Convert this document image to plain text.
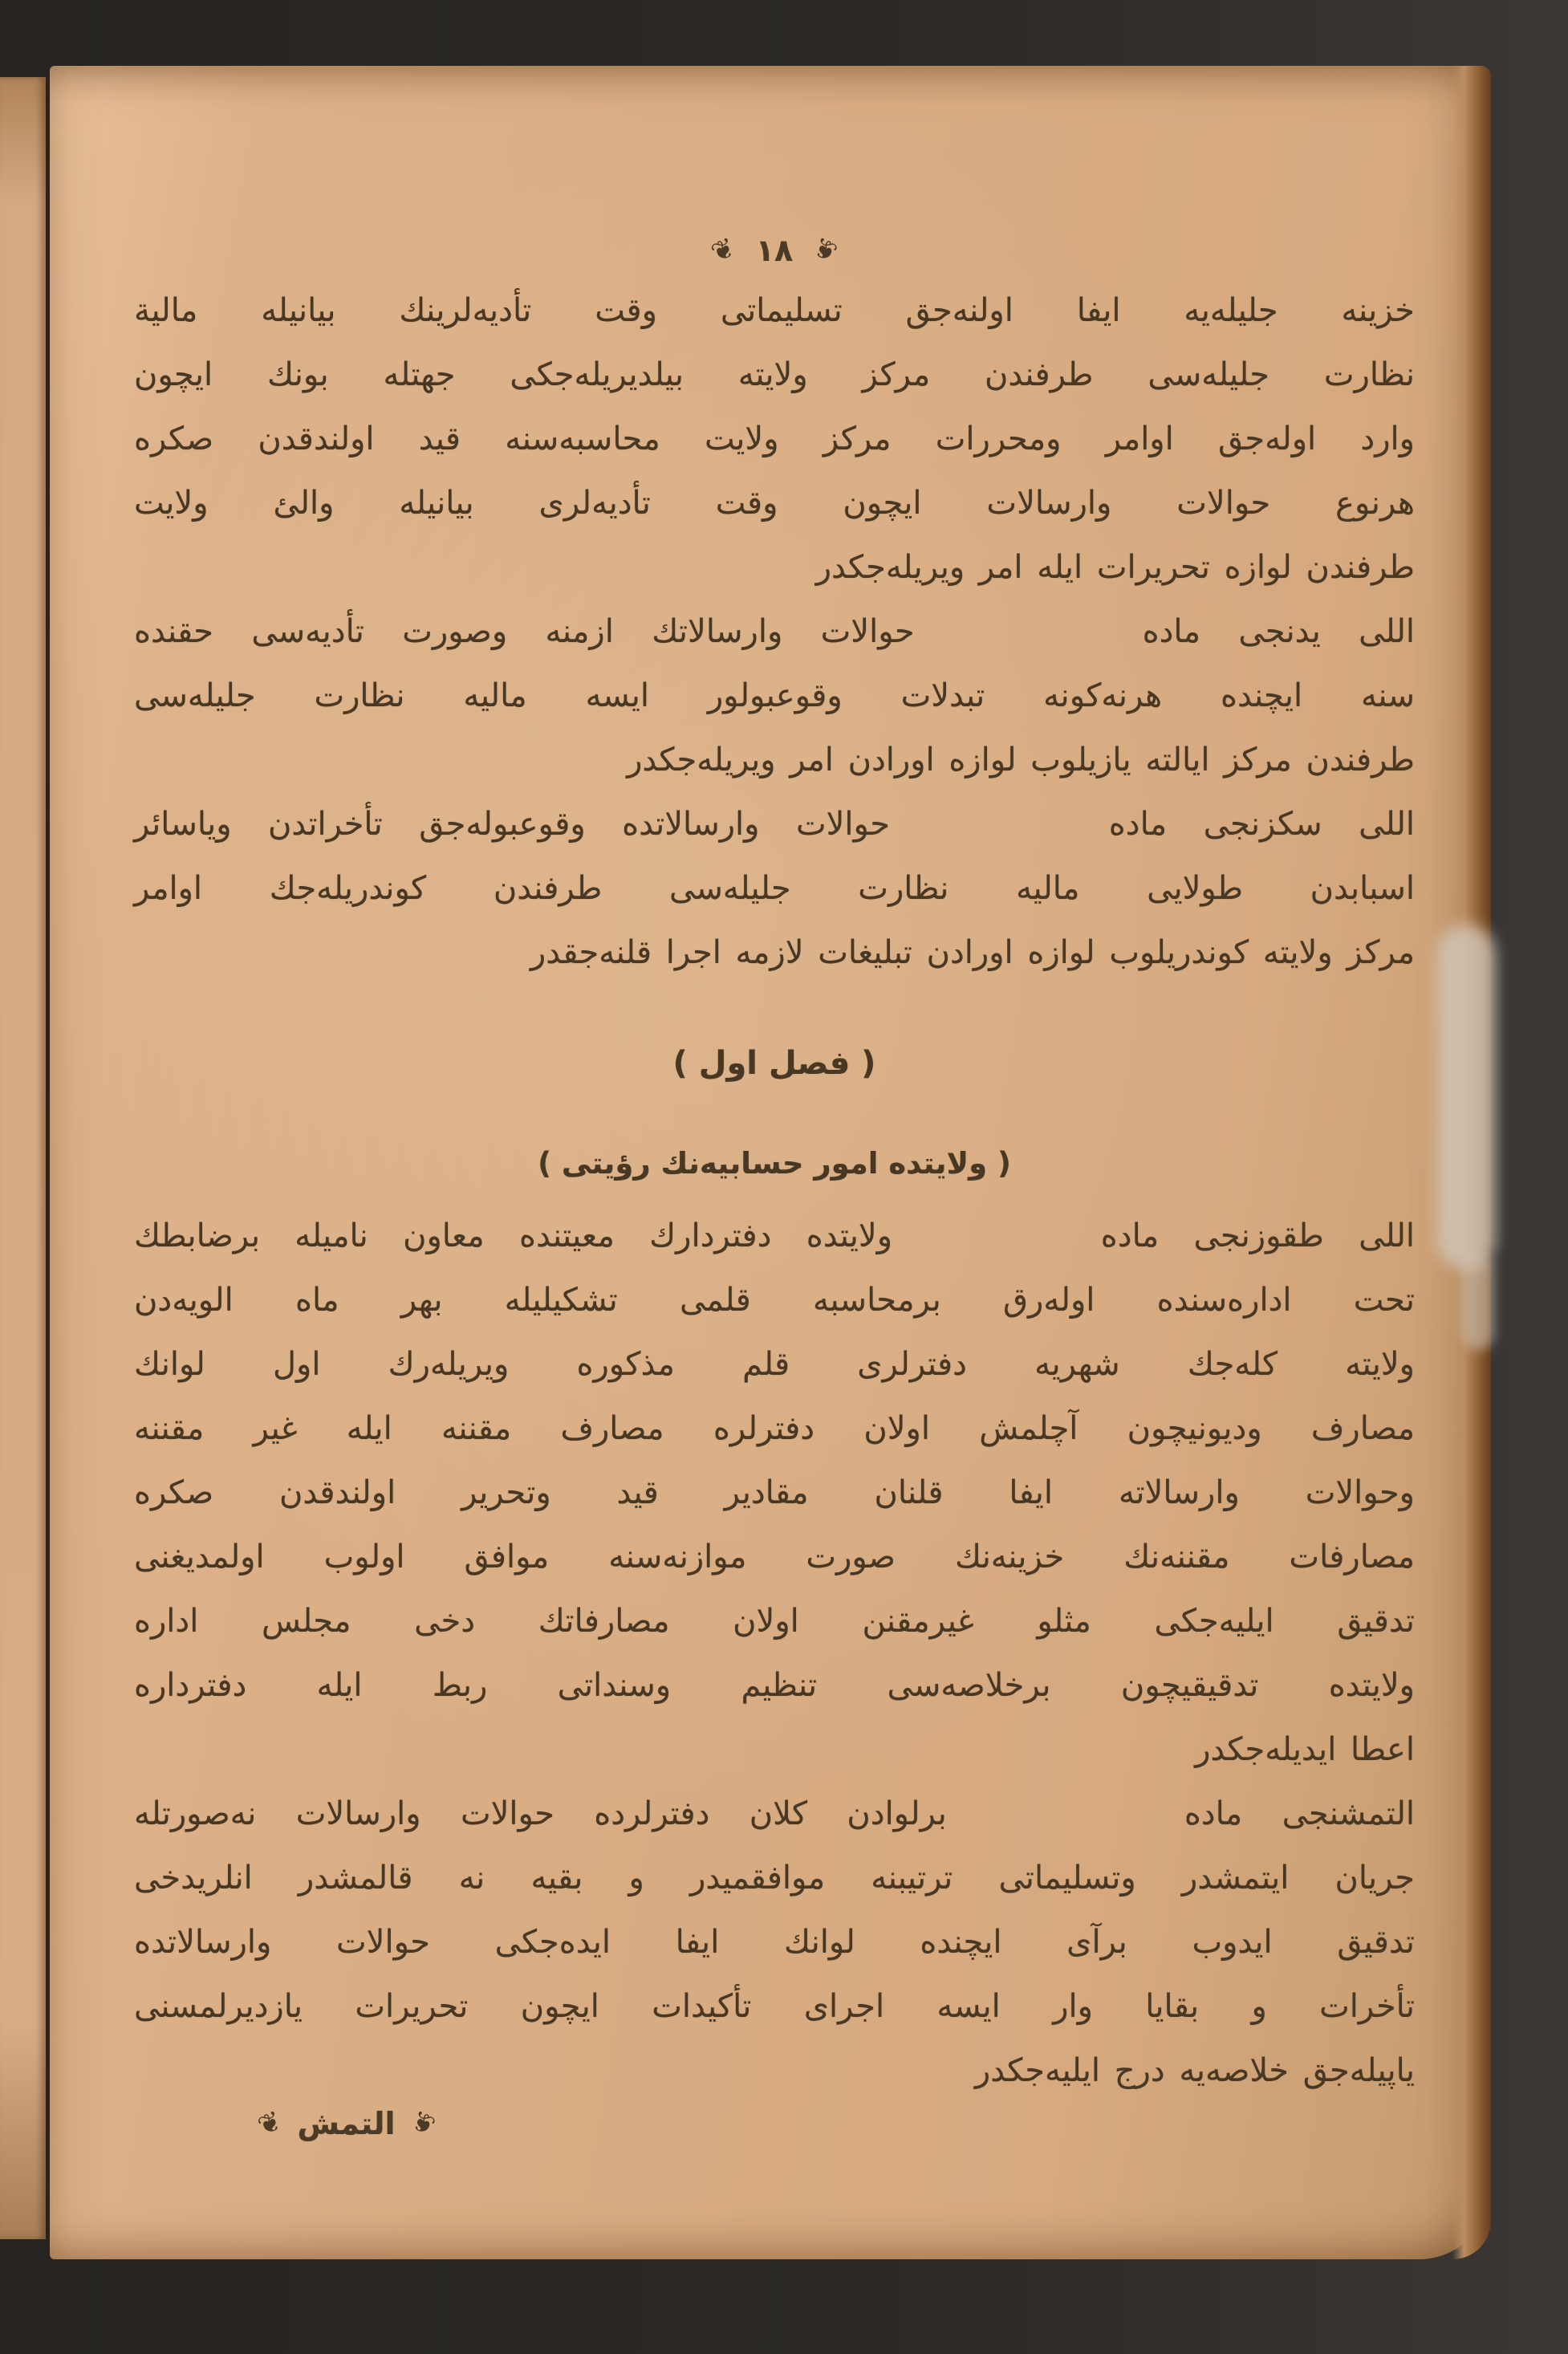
❦ ١٨ ❦
خزينه جليله‌يه ايفا اولنه‌جق تسليماتى وقت تأديه‌لرينك بيانيله مالية
نظارت جليله‌سى طرفندن مركز ولايته بيلديريله‌جكى جهتله بونك ايچون
وارد اوله‌جق اوامر ومحررات مركز ولايت محاسبه‌سنه قيد اولندقدن صكره
هرنوع حوالات وارسالات ايچون وقت تأديه‌لرى بيانيله والئ ولايت
طرفندن لوازه تحريرات ايله امر ويريله‌جكدر
اللى يدنجى ماده      حوالات وارسالاتك ازمنه وصورت تأديه‌سى حقنده
سنه ايچنده هرنه‌كونه تبدلات وقوعبولور ايسه ماليه نظارت جليله‌سى
طرفندن مركز ايالته يازيلوب لوازه اورادن امر ويريله‌جكدر
اللى سكزنجى ماده      حوالات وارسالاتده وقوعبوله‌جق تأخراتدن وياسائر
اسبابدن طولايى ماليه نظارت جليله‌سى طرفندن كوندريله‌جك اوامر
مركز ولايته كوندريلوب لوازه اورادن تبليغات لازمه اجرا قلنه‌جقدر
( فصل اول )
( ولايتده امور حسابيه‌نك رؤيتى )
اللى طقوزنجى ماده      ولايتده دفتردارك معيتنده معاون ناميله برضابطك
تحت اداره‌سنده اوله‌رق برمحاسبه قلمى تشكيليله بهر ماه الويه‌دن
ولايته كله‌جك شهريه دفترلرى قلم مذكوره ويريله‌رك اول لوانك
مصارف وديونيچون آچلمش اولان دفترلره مصارف مقننه ايله غير مقننه
وحوالات وارسالاته ايفا قلنان مقادير قيد وتحرير اولندقدن صكره
مصارفات مقننه‌نك خزينه‌نك صورت موازنه‌سنه موافق اولوب اولمديغنى
تدقيق ايليه‌جكى مثلو غيرمقنن اولان مصارفاتك دخى مجلس اداره
ولايتده تدقيقيچون برخلاصه‌سى تنظيم وسنداتى ربط ايله دفترداره
اعطا ايديله‌جكدر
التمشنجى ماده      برلوادن كلان دفترلرده حوالات وارسالات نه‌صورتله
جريان ايتمشدر وتسليماتى ترتيبنه موافقميدر و بقيه نه قالمشدر انلريدخى
تدقيق ايدوب برآى ايچنده لوانك ايفا ايده‌جكى حوالات وارسالاتده
تأخرات و بقايا وار ايسه اجراى تأكيدات ايچون تحريرات يازديرلمسنى
ياپيله‌جق خلاصه‌يه درج ايليه‌جكدر
❦ التمش ❦
